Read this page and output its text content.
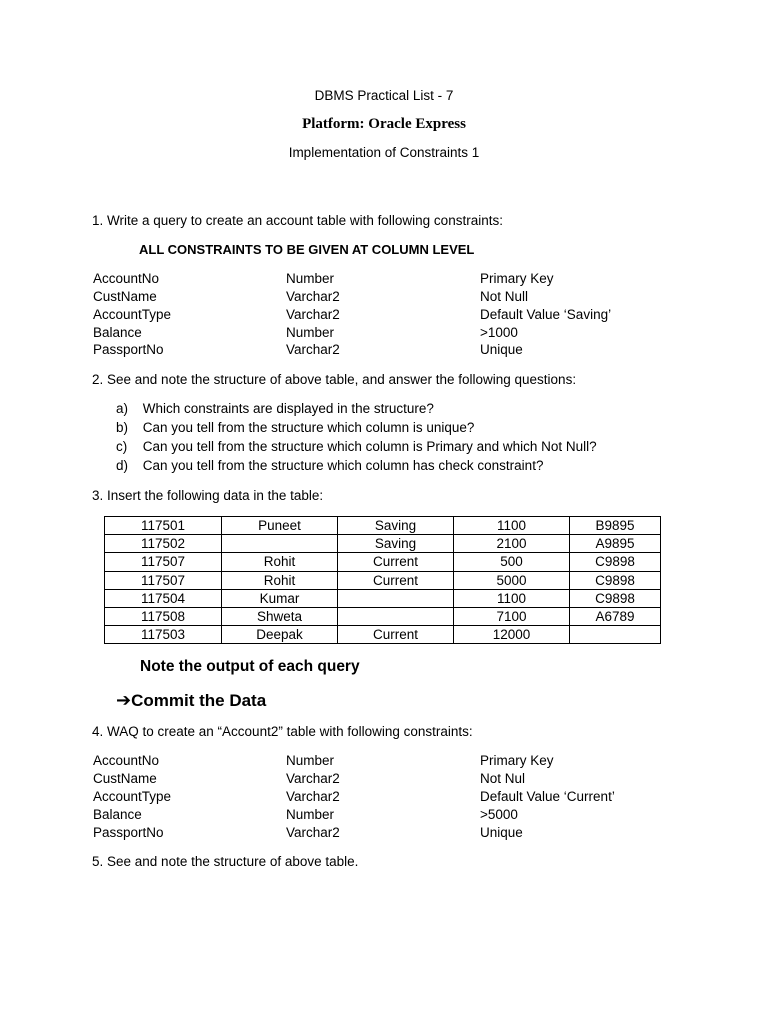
DBMS Practical List - 7
Platform: Oracle Express
Implementation of Constraints 1
1. Write a query to create an account table with following constraints:
ALL CONSTRAINTS TO BE GIVEN AT COLUMN LEVEL
AccountNo	Number	Primary Key
CustName	Varchar2	Not Null
AccountType	Varchar2	Default Value ‘Saving’
Balance	Number	>1000
PassportNo	Varchar2	Unique
2. See and note the structure of above table, and answer the following questions:
a) Which constraints are displayed in the structure?
b) Can you tell from the structure which column is unique?
c) Can you tell from the structure which column is Primary and which Not Null?
d) Can you tell from the structure which column has check constraint?
3. Insert the following data in the table:
117501	Puneet	Saving	1100	B9895
117502		Saving	2100	A9895
117507	Rohit	Current	500	C9898
117507	Rohit	Current	5000	C9898
117504	Kumar		1100	C9898
117508	Shweta		7100	A6789
117503	Deepak	Current	12000	
Note the output of each query
➔Commit the Data
4. WAQ to create an “Account2” table with following constraints:
AccountNo	Number	Primary Key
CustName	Varchar2	Not Nul
AccountType	Varchar2	Default Value ‘Current’
Balance	Number	>5000
PassportNo	Varchar2	Unique
5. See and note the structure of above table.
